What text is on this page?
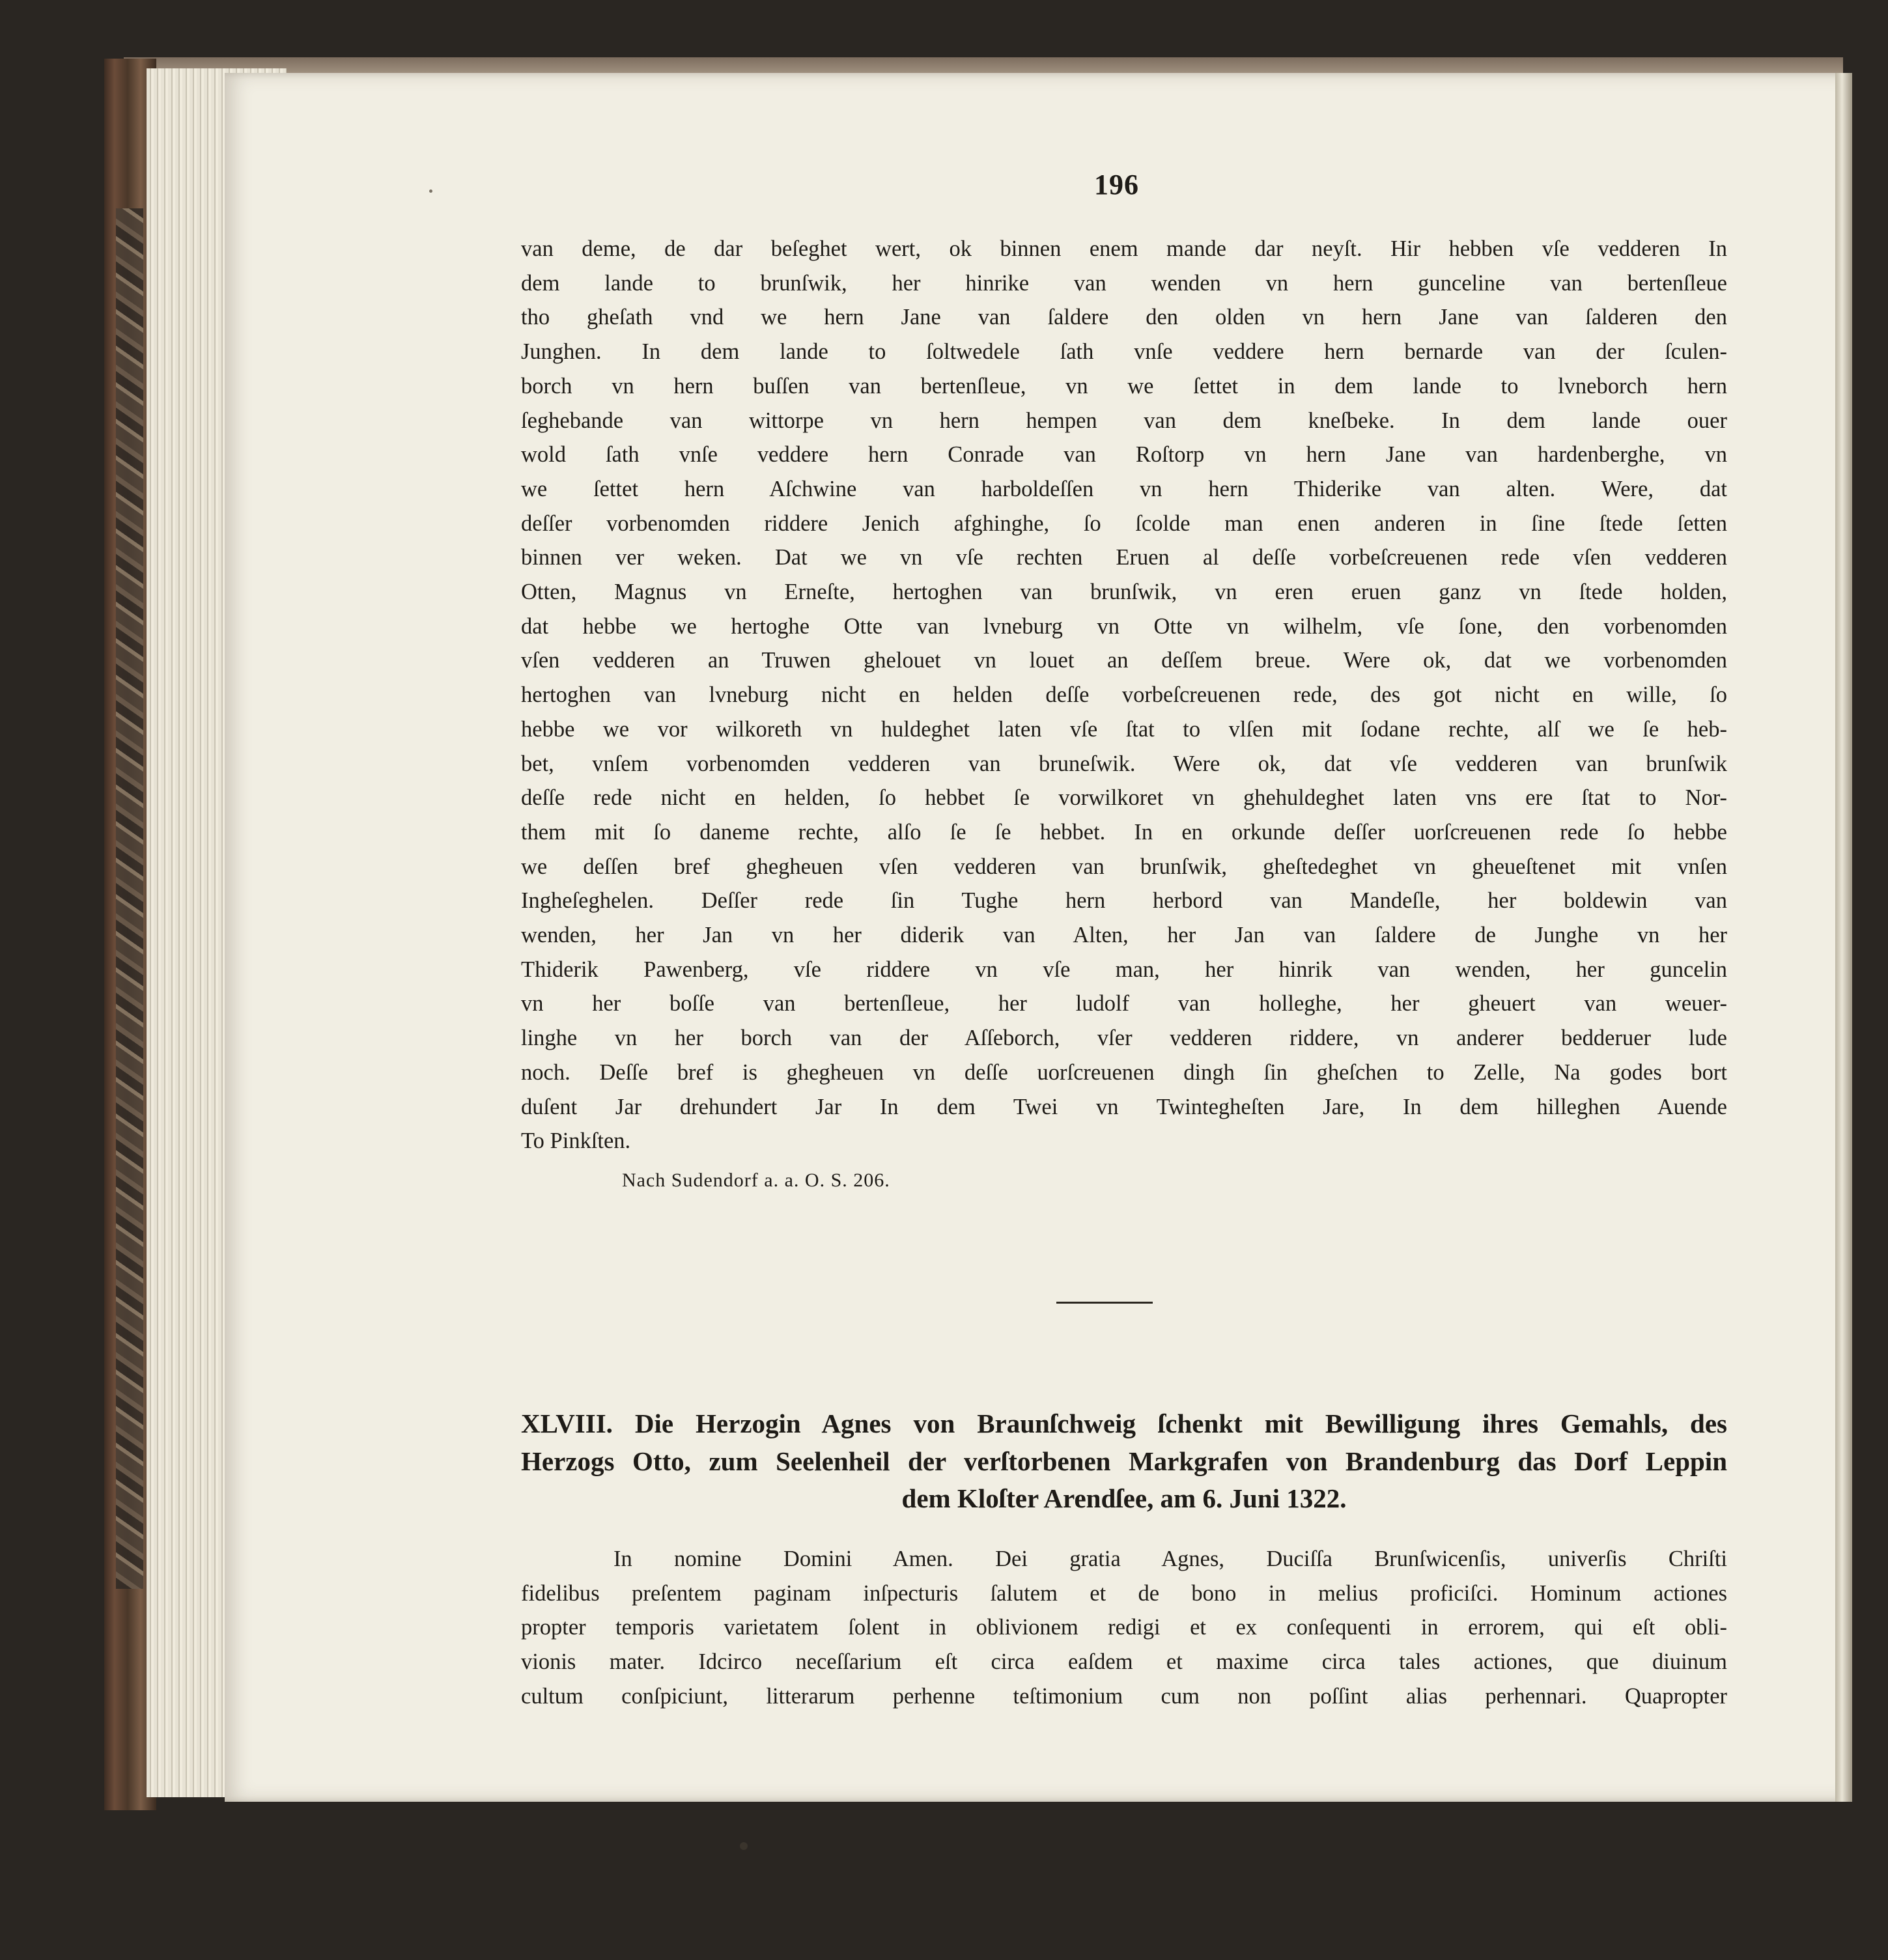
196
van deme, de dar beſeghet wert, ok binnen enem mande dar neyſt. Hir hebben vſe vedderen In
dem lande to brunſwik, her hinrike van wenden vn hern gunceline van bertenſleue
tho gheſath vnd we hern Jane van ſaldere den olden vn hern Jane van ſalderen den
Junghen. In dem lande to ſoltwedele ſath vnſe veddere hern bernarde van der ſculen-
borch vn hern buſſen van bertenſleue, vn we ſettet in dem lande to lvneborch hern
ſeghebande van wittorpe vn hern hempen van dem kneſbeke. In dem lande ouer
wold ſath vnſe veddere hern Conrade van Roſtorp vn hern Jane van hardenberghe, vn
we ſettet hern Aſchwine van harboldeſſen vn hern Thiderike van alten. Were, dat
deſſer vorbenomden riddere Jenich afghinghe, ſo ſcolde man enen anderen in ſine ſtede ſetten
binnen ver weken. Dat we vn vſe rechten Eruen al deſſe vorbeſcreuenen rede vſen vedderen
Otten, Magnus vn Erneſte, hertoghen van brunſwik, vn eren eruen ganz vn ſtede holden,
dat hebbe we hertoghe Otte van lvneburg vn Otte vn wilhelm, vſe ſone, den vorbenomden
vſen vedderen an Truwen ghelouet vn louet an deſſem breue. Were ok, dat we vorbenomden
hertoghen van lvneburg nicht en helden deſſe vorbeſcreuenen rede, des got nicht en wille, ſo
hebbe we vor wilkoreth vn huldeghet laten vſe ſtat to vlſen mit ſodane rechte, alſ we ſe heb-
bet, vnſem vorbenomden vedderen van bruneſwik. Were ok, dat vſe vedderen van brunſwik
deſſe rede nicht en helden, ſo hebbet ſe vorwilkoret vn ghehuldeghet laten vns ere ſtat to Nor-
them mit ſo daneme rechte, alſo ſe ſe hebbet. In en orkunde deſſer uorſcreuenen rede ſo hebbe
we deſſen bref ghegheuen vſen vedderen van brunſwik, gheſtedeghet vn gheueſtenet mit vnſen
Ingheſeghelen. Deſſer rede ſin Tughe hern herbord van Mandeſle, her boldewin van
wenden, her Jan vn her diderik van Alten, her Jan van ſaldere de Junghe vn her
Thiderik Pawenberg, vſe riddere vn vſe man, her hinrik van wenden, her guncelin
vn her boſſe van bertenſleue, her ludolf van holleghe, her gheuert van weuer-
linghe vn her borch van der Aſſeborch, vſer vedderen riddere, vn anderer bedderuer lude
noch. Deſſe bref is ghegheuen vn deſſe uorſcreuenen dingh ſin gheſchen to Zelle, Na godes bort
duſent Jar drehundert Jar In dem Twei vn Twintegheſten Jare, In dem hilleghen Auende
To Pinkſten.
Nach Sudendorf a. a. O. S. 206.
XLVIII. Die Herzogin Agnes von Braunſchweig ſchenkt mit Bewilligung ihres Gemahls, des
Herzogs Otto, zum Seelenheil der verſtorbenen Markgrafen von Brandenburg das Dorf Leppin
dem Kloſter Arendſee, am 6. Juni 1322.
In nomine Domini Amen. Dei gratia Agnes, Duciſſa Brunſwicenſis, univerſis Chriſti
fidelibus preſentem paginam inſpecturis ſalutem et de bono in melius proficiſci. Hominum actiones
propter temporis varietatem ſolent in oblivionem redigi et ex conſequenti in errorem, qui eſt obli-
vionis mater. Idcirco neceſſarium eſt circa eaſdem et maxime circa tales actiones, que diuinum
cultum conſpiciunt, litterarum perhenne teſtimonium cum non poſſint alias perhennari. Quapropter
